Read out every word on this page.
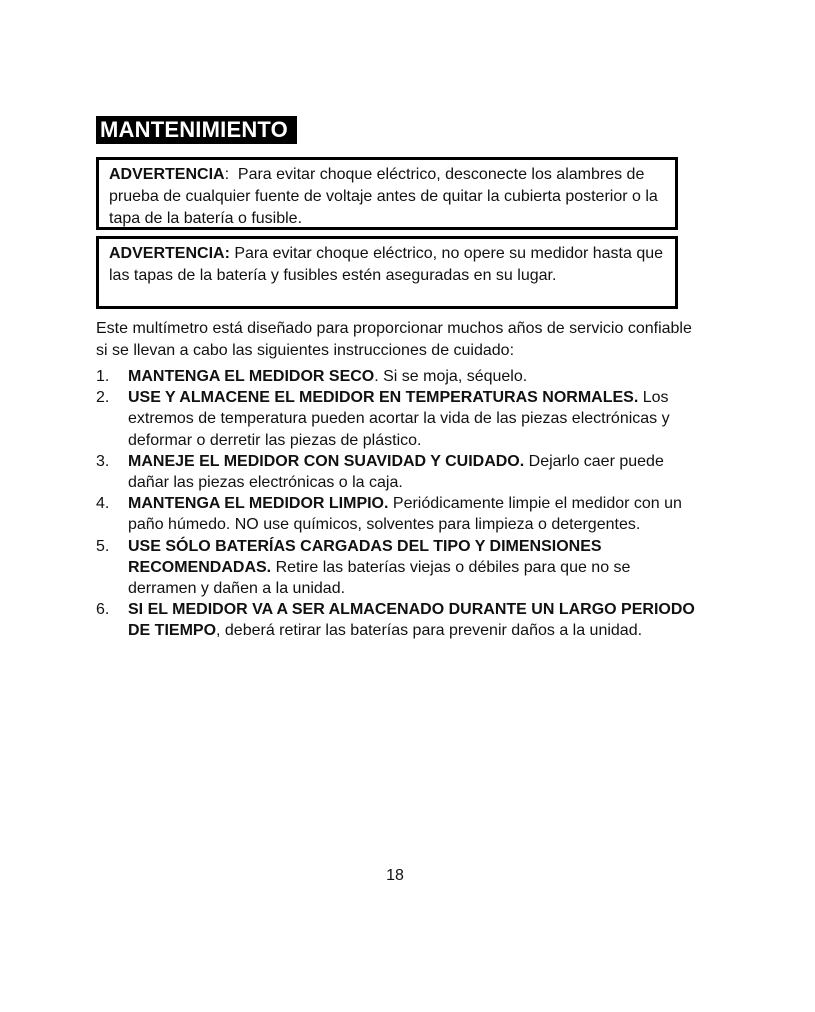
MANTENIMIENTO
ADVERTENCIA:  Para evitar choque eléctrico, desconecte los alambres de prueba de cualquier fuente de voltaje antes de quitar la cubierta posterior o la tapa de la batería o fusible.
ADVERTENCIA: Para evitar choque eléctrico, no opere su medidor hasta que las tapas de la batería y fusibles estén aseguradas en su lugar.
Este multímetro está diseñado para proporcionar muchos años de servicio confiable si se llevan a cabo las siguientes instrucciones de cuidado:
1. MANTENGA EL MEDIDOR SECO. Si se moja, séquelo.
2. USE Y ALMACENE EL MEDIDOR EN TEMPERATURAS NORMALES. Los extremos de temperatura pueden acortar la vida de las piezas electrónicas y deformar o derretir las piezas de plástico.
3. MANEJE EL MEDIDOR CON SUAVIDAD Y CUIDADO. Dejarlo caer puede dañar las piezas electrónicas o la caja.
4. MANTENGA EL MEDIDOR LIMPIO. Periódicamente limpie el medidor con un paño húmedo. NO use químicos, solventes para limpieza o detergentes.
5. USE SÓLO BATERÍAS CARGADAS DEL TIPO Y DIMENSIONES RECOMENDADAS. Retire las baterías viejas o débiles para que no se derramen y dañen a la unidad.
6. SI EL MEDIDOR VA A SER ALMACENADO DURANTE UN LARGO PERIODO DE TIEMPO, deberá retirar las baterías para prevenir daños a la unidad.
18
